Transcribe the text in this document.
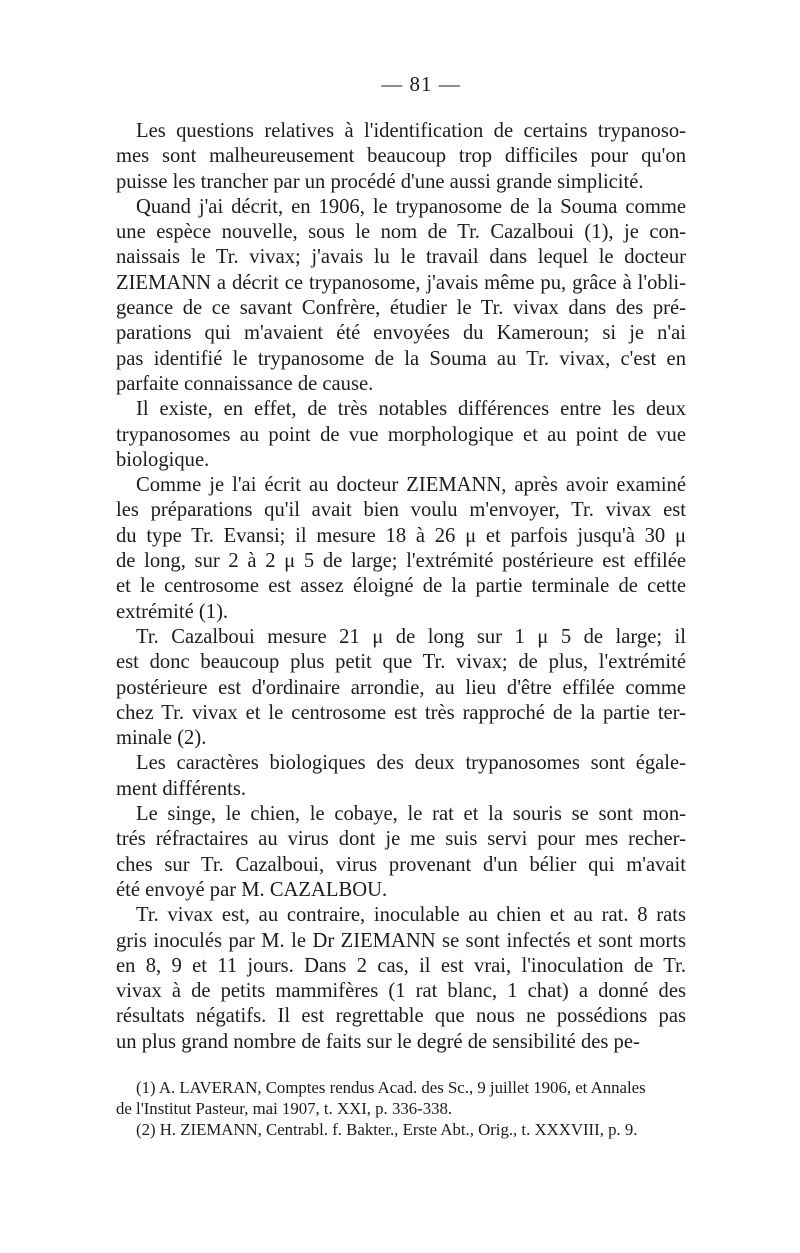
— 81 —

Les questions relatives à l'identification de certains trypanoso-
mes sont malheureusement beaucoup trop difficiles pour qu'on
puisse les trancher par un procédé d'une aussi grande simplicité.

Quand j'ai décrit, en 1906, le trypanosome de la Souma comme
une espèce nouvelle, sous le nom de Tr. Cazalboui (1), je con-
naissais le Tr. vivax; j'avais lu le travail dans lequel le docteur
ZIEMANN a décrit ce trypanosome, j'avais même pu, grâce à l'obli-
geance de ce savant Confrère, étudier le Tr. vivax dans des pré-
parations qui m'avaient été envoyées du Kameroun; si je n'ai
pas identifié le trypanosome de la Souma au Tr. vivax, c'est en
parfaite connaissance de cause.

Il existe, en effet, de très notables différences entre les deux
trypanosomes au point de vue morphologique et au point de vue
biologique.

Comme je l'ai écrit au docteur ZIEMANN, après avoir examiné
les préparations qu'il avait bien voulu m'envoyer, Tr. vivax est
du type Tr. Evansi; il mesure 18 à 26 μ et parfois jusqu'à 30 μ
de long, sur 2 à 2 μ 5 de large; l'extrémité postérieure est effilée
et le centrosome est assez éloigné de la partie terminale de cette
extrémité (1).

Tr. Cazalboui mesure 21 μ de long sur 1 μ 5 de large; il
est donc beaucoup plus petit que Tr. vivax; de plus, l'extrémité
postérieure est d'ordinaire arrondie, au lieu d'être effilée comme
chez Tr. vivax et le centrosome est très rapproché de la partie ter-
minale (2).

Les caractères biologiques des deux trypanosomes sont égale-
ment différents.

Le singe, le chien, le cobaye, le rat et la souris se sont mon-
trés réfractaires au virus dont je me suis servi pour mes recher-
ches sur Tr. Cazalboui, virus provenant d'un bélier qui m'avait
été envoyé par M. CAZALBOU.

Tr. vivax est, au contraire, inoculable au chien et au rat. 8 rats
gris inoculés par M. le Dr ZIEMANN se sont infectés et sont morts
en 8, 9 et 11 jours. Dans 2 cas, il est vrai, l'inoculation de Tr.
vivax à de petits mammifères (1 rat blanc, 1 chat) a donné des
résultats négatifs. Il est regrettable que nous ne possédions pas
un plus grand nombre de faits sur le degré de sensibilité des pe-

(1) A. LAVERAN, Comptes rendus Acad. des Sc., 9 juillet 1906, et Annales
de l'Institut Pasteur, mai 1907, t. XXI, p. 336-338.
(2) H. ZIEMANN, Centrabl. f. Bakter., Erste Abt., Orig., t. XXXVIII, p. 9.
